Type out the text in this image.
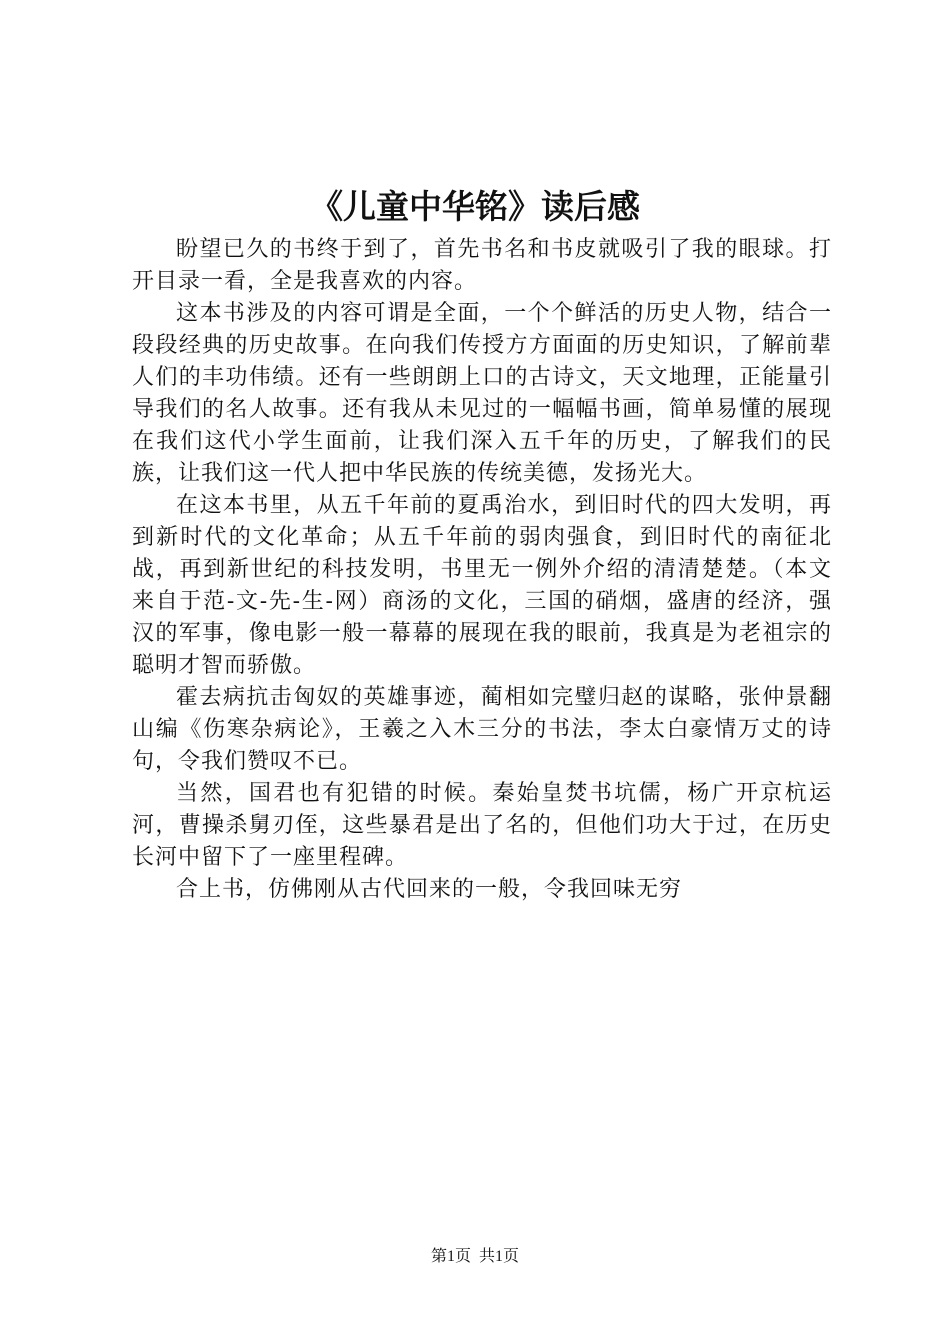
《儿童中华铭》读后感

盼望已久的书终于到了，首先书名和书皮就吸引了我的眼球。打开目录一看，全是我喜欢的内容。

这本书涉及的内容可谓是全面，一个个鲜活的历史人物，结合一段段经典的历史故事。在向我们传授方方面面的历史知识，了解前辈人们的丰功伟绩。还有一些朗朗上口的古诗文，天文地理，正能量引导我们的名人故事。还有我从未见过的一幅幅书画，简单易懂的展现在我们这代小学生面前，让我们深入五千年的历史，了解我们的民族，让我们这一代人把中华民族的传统美德，发扬光大。

在这本书里，从五千年前的夏禹治水，到旧时代的四大发明，再到新时代的文化革命；从五千年前的弱肉强食，到旧时代的南征北战，再到新世纪的科技发明，书里无一例外介绍的清清楚楚。（本文来自于范-文-先-生-网）商汤的文化，三国的硝烟，盛唐的经济，强汉的军事，像电影一般一幕幕的展现在我的眼前，我真是为老祖宗的聪明才智而骄傲。

霍去病抗击匈奴的英雄事迹，蔺相如完璧归赵的谋略，张仲景翻山编《伤寒杂病论》，王羲之入木三分的书法，李太白豪情万丈的诗句，令我们赞叹不已。

当然，国君也有犯错的时候。秦始皇焚书坑儒，杨广开京杭运河，曹操杀舅刃侄，这些暴君是出了名的，但他们功大于过，在历史长河中留下了一座里程碑。

合上书，仿佛刚从古代回来的一般，令我回味无穷

第1页  共1页
